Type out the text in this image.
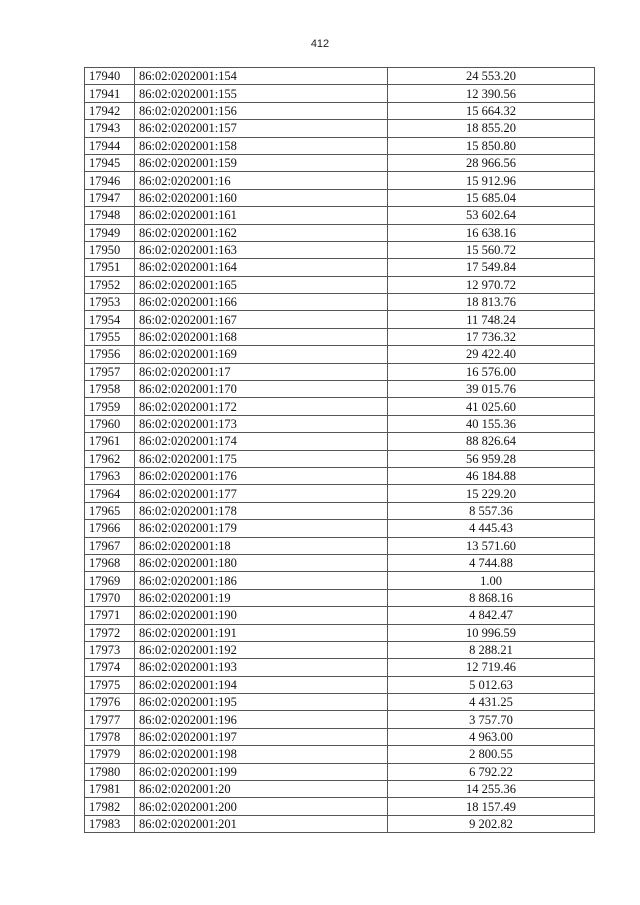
412
17940	86:02:0202001:154	24 553.20
17941	86:02:0202001:155	12 390.56
17942	86:02:0202001:156	15 664.32
17943	86:02:0202001:157	18 855.20
17944	86:02:0202001:158	15 850.80
17945	86:02:0202001:159	28 966.56
17946	86:02:0202001:16	15 912.96
17947	86:02:0202001:160	15 685.04
17948	86:02:0202001:161	53 602.64
17949	86:02:0202001:162	16 638.16
17950	86:02:0202001:163	15 560.72
17951	86:02:0202001:164	17 549.84
17952	86:02:0202001:165	12 970.72
17953	86:02:0202001:166	18 813.76
17954	86:02:0202001:167	11 748.24
17955	86:02:0202001:168	17 736.32
17956	86:02:0202001:169	29 422.40
17957	86:02:0202001:17	16 576.00
17958	86:02:0202001:170	39 015.76
17959	86:02:0202001:172	41 025.60
17960	86:02:0202001:173	40 155.36
17961	86:02:0202001:174	88 826.64
17962	86:02:0202001:175	56 959.28
17963	86:02:0202001:176	46 184.88
17964	86:02:0202001:177	15 229.20
17965	86:02:0202001:178	8 557.36
17966	86:02:0202001:179	4 445.43
17967	86:02:0202001:18	13 571.60
17968	86:02:0202001:180	4 744.88
17969	86:02:0202001:186	1.00
17970	86:02:0202001:19	8 868.16
17971	86:02:0202001:190	4 842.47
17972	86:02:0202001:191	10 996.59
17973	86:02:0202001:192	8 288.21
17974	86:02:0202001:193	12 719.46
17975	86:02:0202001:194	5 012.63
17976	86:02:0202001:195	4 431.25
17977	86:02:0202001:196	3 757.70
17978	86:02:0202001:197	4 963.00
17979	86:02:0202001:198	2 800.55
17980	86:02:0202001:199	6 792.22
17981	86:02:0202001:20	14 255.36
17982	86:02:0202001:200	18 157.49
17983	86:02:0202001:201	9 202.82
